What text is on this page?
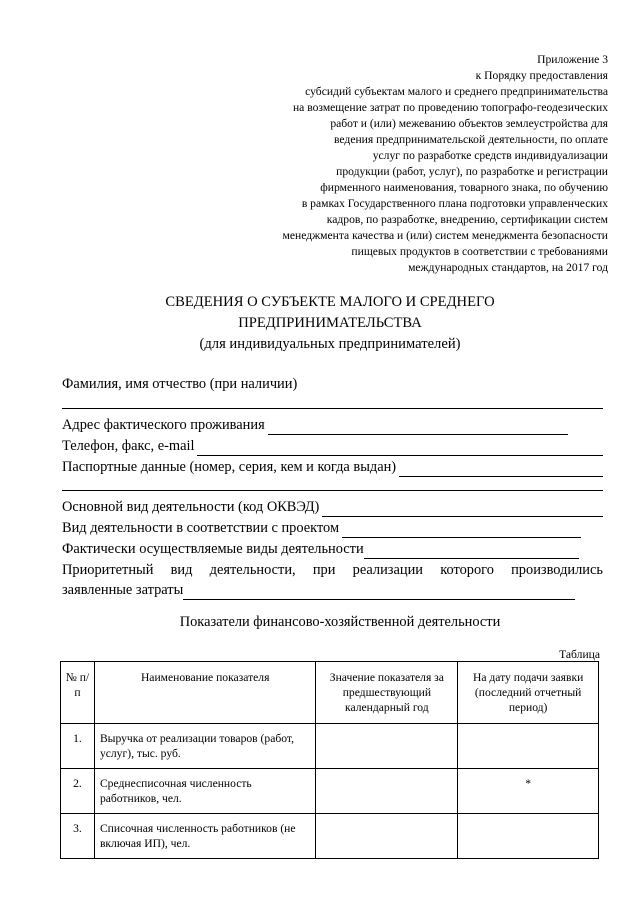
Приложение 3
к Порядку предоставления
субсидий субъектам малого и среднего предпринимательства
на возмещение затрат по проведению топографо-геодезических
работ и (или) межеванию объектов землеустройства для
ведения предпринимательской деятельности, по оплате
услуг по разработке средств индивидуализации
продукции (работ, услуг), по разработке и регистрации
фирменного наименования, товарного знака, по обучению
в рамках Государственного плана подготовки управленческих
кадров, по разработке, внедрению, сертификации систем
менеджмента качества и (или) систем менеджмента безопасности
пищевых продуктов в соответствии с требованиями
международных стандартов, на 2017 год
СВЕДЕНИЯ О СУБЪЕКТЕ МАЛОГО И СРЕДНЕГО
ПРЕДПРИНИМАТЕЛЬСТВА
(для индивидуальных предпринимателей)
Фамилия, имя отчество (при наличии)
Адрес фактического проживания
Телефон, факс, e-mail
Паспортные данные (номер, серия, кем и когда выдан)
Основной вид деятельности (код ОКВЭД)
Вид деятельности в соответствии с проектом
Фактически осуществляемые виды деятельности
Приоритетный вид деятельности, при реализации которого производились
заявленные затраты
Показатели финансово-хозяйственной деятельности
Таблица
№ п/п	Наименование показателя	Значение показателя за предшествующий календарный год	На дату подачи заявки (последний отчетный период)
1.	Выручка от реализации товаров (работ, услуг), тыс. руб.		
2.	Среднесписочная численность работников, чел.		*
3.	Списочная численность работников (не включая ИП), чел.		
